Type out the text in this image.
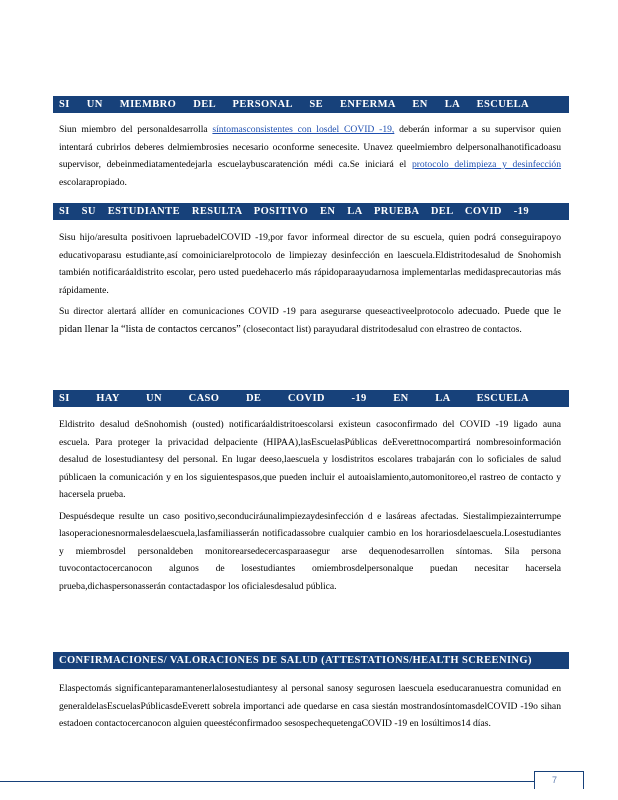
SI UN MIEMBRO DEL PERSONAL SE ENFERMA EN LA ESCUELA

Siun miembro del personaldesarrolla síntomasconsistentes con losdel COVID -19, deberán informar a su supervisor quien intentará cubrirlos deberes delmiembrosies necesario oconforme senecesite. Unavez queelmiembro delpersonalhanotificadoasu supervisor, debeinmediatamentedejarla escuelaybuscaratención médi ca.Se iniciará el protocolo delimpieza y desinfección escolarapropiado.

SI SU ESTUDIANTE RESULTA POSITIVO EN LA PRUEBA DEL COVID -19

Sisu hijo/aresulta positivoen lapruebadelCOVID -19,por favor informeal director de su escuela, quien podrá conseguirapoyo educativoparasu estudiante,así comoiniciarelprotocolo de limpiezay desinfección en laescuela.Eldistritodesalud de Snohomish también notificaráaldistrito escolar, pero usted puedehacerlo más rápidoparaayudarnosa implementarlas medidasprecautorias más rápidamente.

Su director alertará allíder en comunicaciones COVID -19 para asegurarse queseactiveelprotocolo adecuado. Puede que le pidan llenar la “lista de contactos cercanos” (closecontact list) parayudaral distritodesalud con elrastreo de contactos.

SI HAY UN CASO DE COVID -19 EN LA ESCUELA

Eldistrito desalud deSnohomish (ousted) notificaráaldistritoescolarsi existeun casoconfirmado del COVID -19 ligado auna escuela. Para proteger la privacidad delpaciente (HIPAA),lasEscuelasPúblicas deEverettnocompartirá nombresoinformación desalud de losestudiantesy del personal. En lugar deeso,laescuela y losdistritos escolares trabajarán con lo soficiales de salud públicaen la comunicación y en los siguientespasos,que pueden incluir el autoaislamiento,automonitoreo,el rastreo de contacto y hacersela prueba.

Despuésdeque resulte un caso positivo,seconduciráunalimpiezaydesinfección d e lasáreas afectadas. Siestalimpiezainterrumpe lasoperacionesnormalesdelaescuela,lasfamiliasserán notificadassobre cualquier cambio en los horariosdelaescuela.Losestudiantes y miembrosdel personaldeben monitorearsedecercasparaasegur arse dequenodesarrollen síntomas. Sila persona tuvocontactocercanocon algunos de losestudiantes omiembrosdelpersonalque puedan necesitar hacersela prueba,dichaspersonasserán contactadaspor los oficialesdesalud pública.

CONFIRMACIONES/ VALORACIONES DE SALUD (ATTESTATIONS/HEALTH SCREENING)

Elaspectomás significanteparamantenerlalosestudiantesy al personal sanosy segurosen laescuela eseducaranuestra comunidad en generaldelasEscuelasPúblicasdeEverett sobrela importanci ade quedarse en casa siestán mostrandosíntomasdelCOVID -19o sihan estadoen contactocercanocon alguien queestéconfirmadoo sesospechequetengaCOVID -19 en losúltimos14 días.

7
